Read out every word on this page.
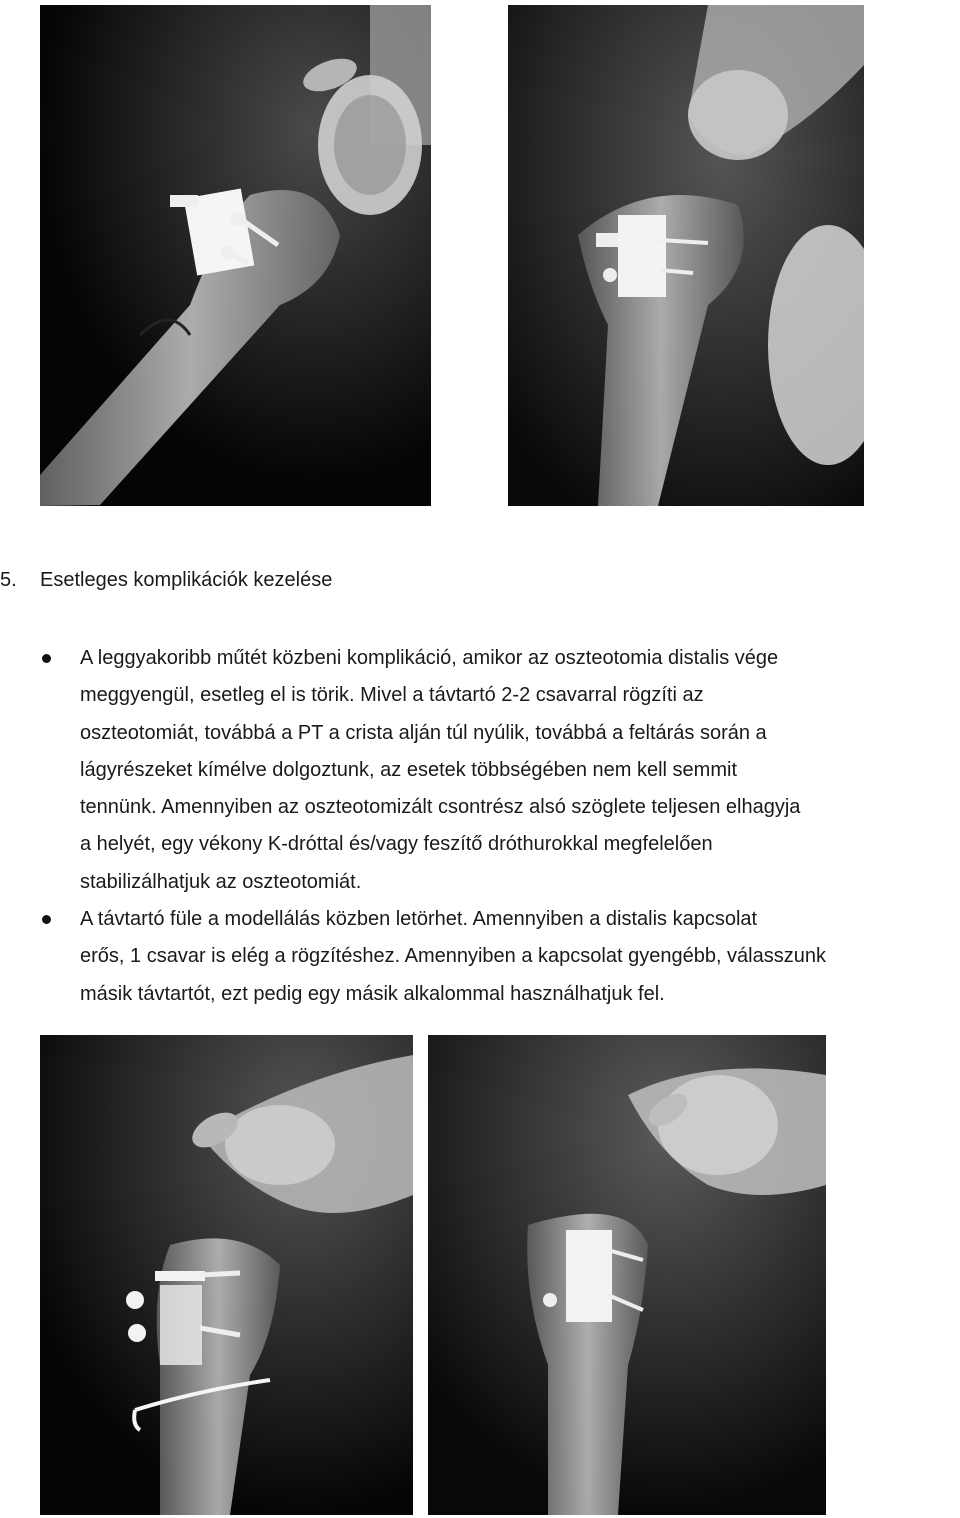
5. Esetleges komplikációk kezelése
A leggyakoribb műtét közbeni komplikáció, amikor az oszteotomia distalis vége
meggyengül, esetleg el is törik. Mivel a távtartó 2-2 csavarral rögzíti az
oszteotomiát, továbbá a PT a crista alján túl nyúlik, továbbá a feltárás során a
lágyrészeket kímélve dolgoztunk, az esetek többségében nem kell semmit
tennünk. Amennyiben az oszteotomizált csontrész alsó szöglete teljesen elhagyja
a helyét, egy vékony K-dróttal és/vagy feszítő dróthurokkal megfelelően
stabilizálhatjuk az oszteotomiát.
A távtartó füle a modellálás közben letörhet. Amennyiben a distalis kapcsolat
erős, 1 csavar is elég a rögzítéshez. Amennyiben a kapcsolat gyengébb, válasszunk
másik távtartót, ezt pedig egy másik alkalommal használhatjuk fel.
